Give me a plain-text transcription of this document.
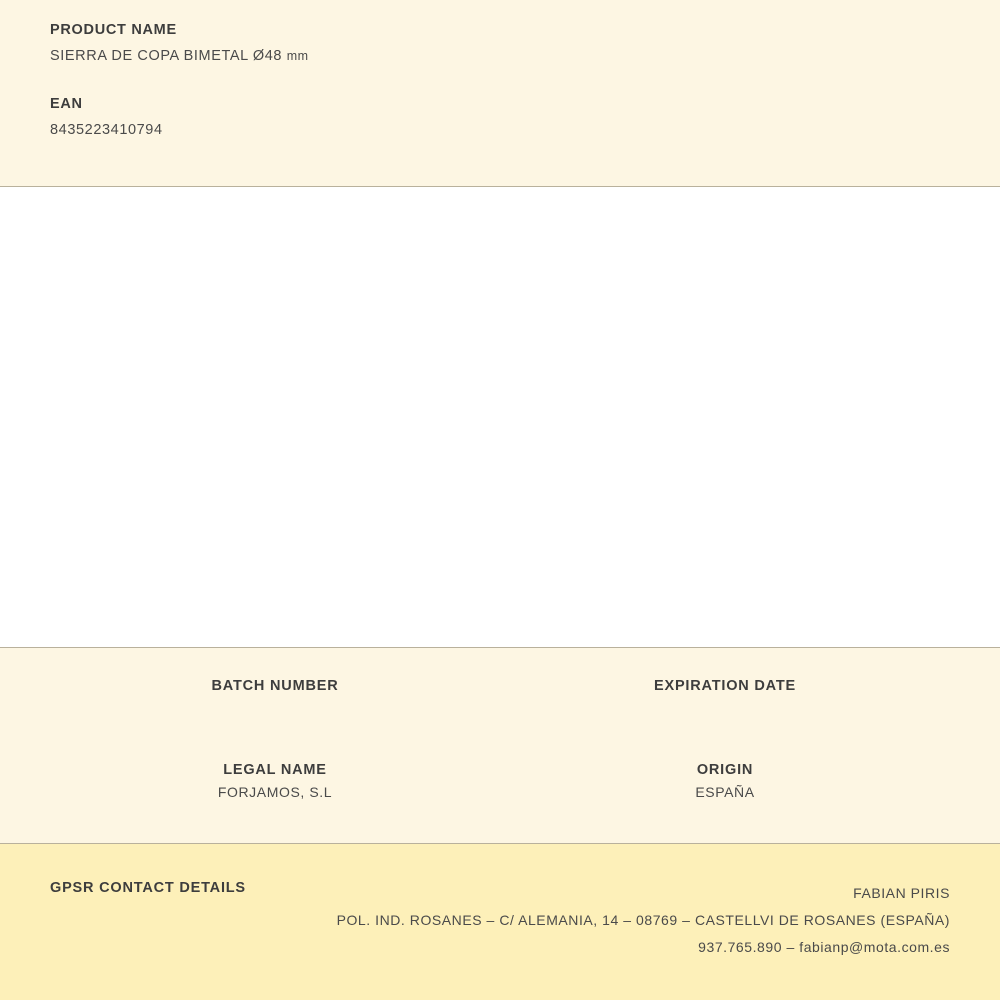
PRODUCT NAME

SIERRA DE COPA BIMETAL Ø48 mm

EAN

8435223410794

BATCH NUMBER	EXPIRATION DATE

LEGAL NAME

FORJAMOS, S.L

ORIGIN

ESPAÑA

GPSR CONTACT DETAILS	FABIAN PIRIS
POL. IND. ROSANES – C/ ALEMANIA, 14 – 08769 – CASTELLVI DE ROSANES (ESPAÑA)
937.765.890 – fabianp@mota.com.es
